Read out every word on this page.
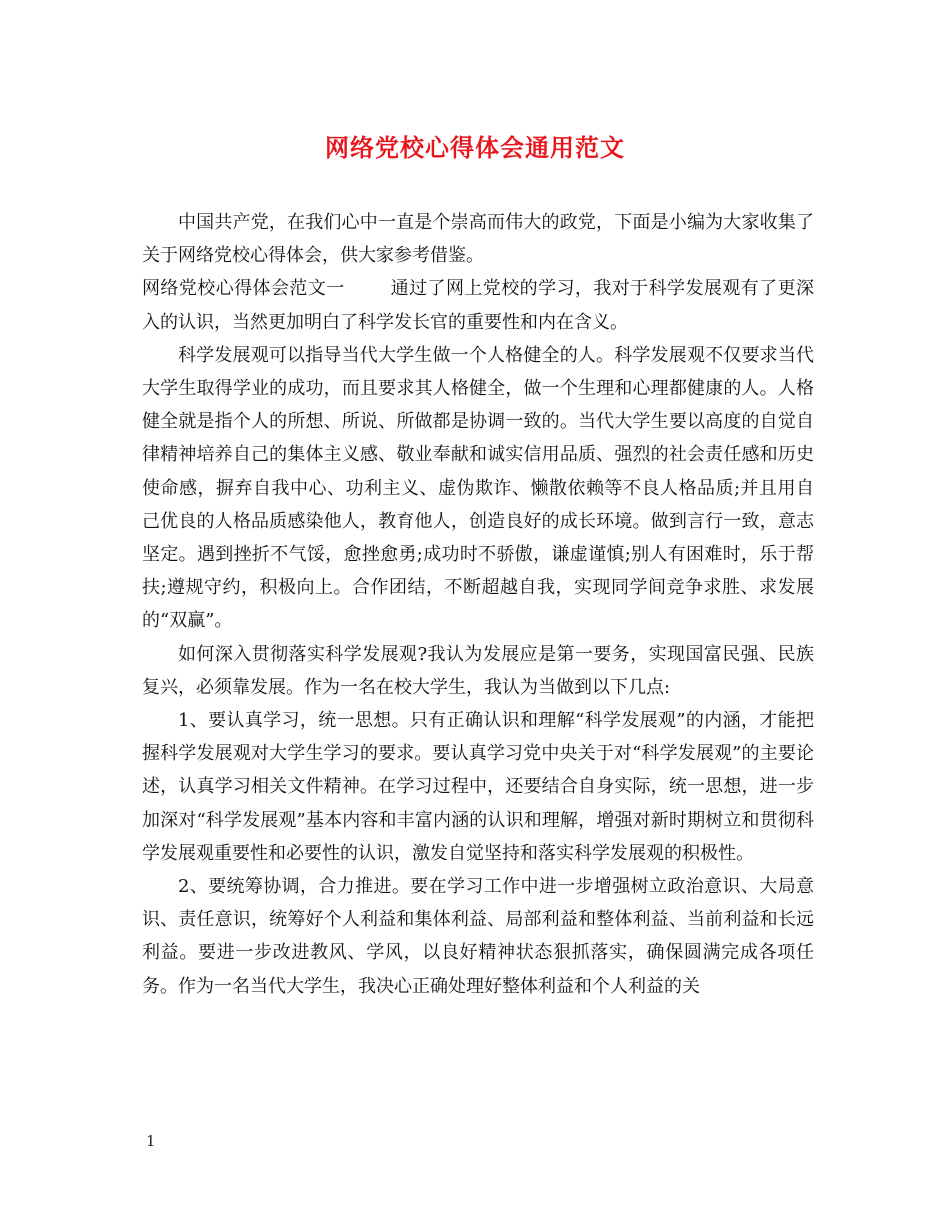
网络党校心得体会通用范文

中国共产党，在我们心中一直是个崇高而伟大的政党，下面是小编为大家收集了关于网络党校心得体会，供大家参考借鉴。

网络党校心得体会范文一	通过了网上党校的学习，我对于科学发展观有了更深入的认识，当然更加明白了科学发长官的重要性和内在含义。

科学发展观可以指导当代大学生做一个人格健全的人。科学发展观不仅要求当代大学生取得学业的成功，而且要求其人格健全，做一个生理和心理都健康的人。人格健全就是指个人的所想、所说、所做都是协调一致的。当代大学生要以高度的自觉自律精神培养自己的集体主义感、敬业奉献和诚实信用品质、强烈的社会责任感和历史使命感，摒弃自我中心、功利主义、虚伪欺诈、懒散依赖等不良人格品质;并且用自己优良的人格品质感染他人，教育他人，创造良好的成长环境。做到言行一致，意志坚定。遇到挫折不气馁，愈挫愈勇;成功时不骄傲，谦虚谨慎;别人有困难时，乐于帮扶;遵规守约，积极向上。合作团结，不断超越自我，实现同学间竞争求胜、求发展的“双赢”。

如何深入贯彻落实科学发展观?我认为发展应是第一要务，实现国富民强、民族复兴，必须靠发展。作为一名在校大学生，我认为当做到以下几点:

1、要认真学习，统一思想。只有正确认识和理解“科学发展观”的内涵，才能把握科学发展观对大学生学习的要求。要认真学习党中央关于对“科学发展观”的主要论述，认真学习相关文件精神。在学习过程中，还要结合自身实际，统一思想，进一步加深对“科学发展观”基本内容和丰富内涵的认识和理解，增强对新时期树立和贯彻科学发展观重要性和必要性的认识，激发自觉坚持和落实科学发展观的积极性。

2、要统筹协调，合力推进。要在学习工作中进一步增强树立政治意识、大局意识、责任意识，统筹好个人利益和集体利益、局部利益和整体利益、当前利益和长远利益。要进一步改进教风、学风，以良好精神状态狠抓落实，确保圆满完成各项任务。作为一名当代大学生，我决心正确处理好整体利益和个人利益的关

1
